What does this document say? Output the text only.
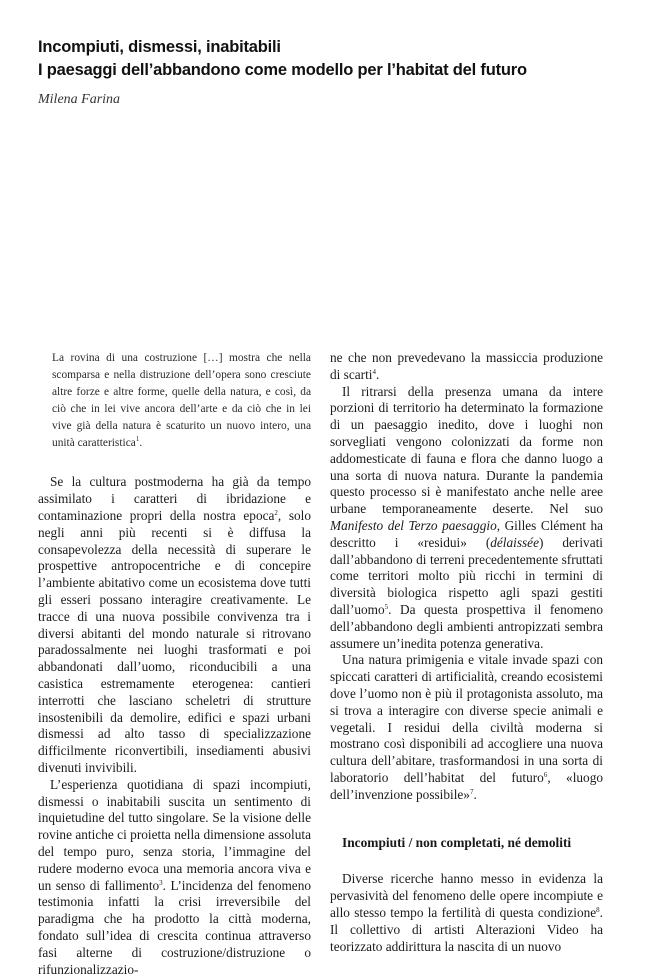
Incompiuti, dismessi, inabitabili
I paesaggi dell’abbandono come modello per l’habitat del futuro
Milena Farina
La rovina di una costruzione […] mostra che nella scomparsa e nella distruzione dell’opera sono cresciute altre forze e altre forme, quelle della natura, e così, da ciò che in lei vive ancora dell’arte e da ciò che in lei vive già della natura è scaturito un nuovo intero, una unità caratteristica$^1$.

Se la cultura postmoderna ha già da tempo assimilato i caratteri di ibridazione e contaminazione propri della nostra epoca$^2$, solo negli anni più recenti si è diffusa la consapevolezza della necessità di superare le prospettive antropocentriche e di concepire l’ambiente abitativo come un ecosistema dove tutti gli esseri possano interagire creativamente. Le tracce di una nuova possibile convivenza tra i diversi abitanti del mondo naturale si ritrovano paradossalmente nei luoghi trasformati e poi abbandonati dall’uomo, riconducibili a una casistica estremamente eterogenea: cantieri interrotti che lasciano scheletri di strutture insostenibili da demolire, edifici e spazi urbani dismessi ad alto tasso di specializzazione difficilmente riconvertibili, insediamenti abusivi divenuti invivibili.

L’esperienza quotidiana di spazi incompiuti, dismessi o inabitabili suscita un sentimento di inquietudine del tutto singolare. Se la visione delle rovine antiche ci proietta nella dimensione assoluta del tempo puro, senza storia, l’immagine del rudere moderno evoca una memoria ancora viva e un senso di fallimento$^3$. L’incidenza del fenomeno testimonia infatti la crisi irreversibile del paradigma che ha prodotto la città moderna, fondato sull’idea di crescita continua attraverso fasi alterne di costruzione/distruzione o rifunzionalizzazio-

ne che non prevedevano la massiccia produzione di scarti$^4$.

Il ritrarsi della presenza umana da intere porzioni di territorio ha determinato la formazione di un paesaggio inedito, dove i luoghi non sorvegliati vengono colonizzati da forme non addomesticate di fauna e flora che danno luogo a una sorta di nuova natura. Durante la pandemia questo processo si è manifestato anche nelle aree urbane temporaneamente deserte. Nel suo Manifesto del Terzo paesaggio, Gilles Clément ha descritto i «residui» (délaissée) derivati dall’abbandono di terreni precedentemente sfruttati come territori molto più ricchi in termini di diversità biologica rispetto agli spazi gestiti dall’uomo$^5$. Da questa prospettiva il fenomeno dell’abbandono degli ambienti antropizzati sembra assumere un’inedita potenza generativa.

Una natura primigenia e vitale invade spazi con spiccati caratteri di artificialità, creando ecosistemi dove l’uomo non è più il protagonista assoluto, ma si trova a interagire con diverse specie animali e vegetali. I residui della civiltà moderna si mostrano così disponibili ad accogliere una nuova cultura dell’abitare, trasformandosi in una sorta di laboratorio dell’habitat del futuro$^6$, «luogo dell’invenzione possibile»$^7$.

Incompiuti / non completati, né demoliti

Diverse ricerche hanno messo in evidenza la pervasività del fenomeno delle opere incompiute e allo stesso tempo la fertilità di questa condizione$^8$. Il collettivo di artisti Alterazioni Video ha teorizzato addirittura la nascita di un nuovo
